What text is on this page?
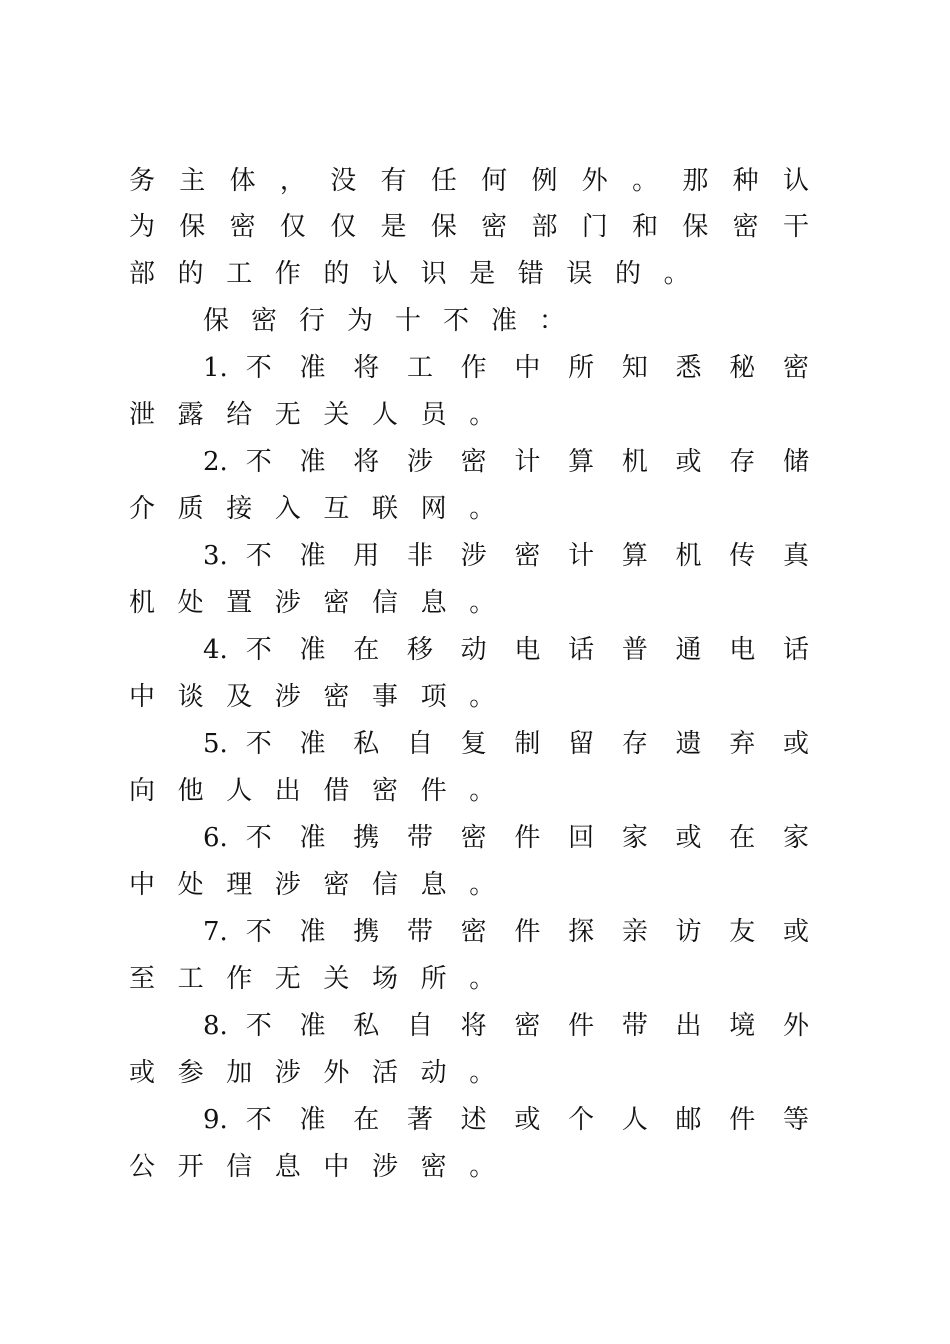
务 主 体 ， 没 有 任 何 例 外 。 那 种 认
为 保 密 仅 仅 是 保 密 部 门 和 保 密 干
部的工作的认识是错误的。
保密行为十不准：
1. 不 准 将 工 作 中 所 知 悉 秘 密
泄露给无关人员。
2. 不 准 将 涉 密 计 算 机 或 存 储
介质接入互联网。
3. 不 准 用 非 涉 密 计 算 机 传 真
机处置涉密信息。
4. 不 准 在 移 动 电 话 普 通 电 话
中谈及涉密事项。
5. 不 准 私 自 复 制 留 存 遗 弃 或
向他人出借密件。
6. 不 准 携 带 密 件 回 家 或 在 家
中处理涉密信息。
7. 不 准 携 带 密 件 探 亲 访 友 或
至工作无关场所。
8. 不 准 私 自 将 密 件 带 出 境 外
或参加涉外活动。
9. 不 准 在 著 述 或 个 人 邮 件 等
公开信息中涉密。
